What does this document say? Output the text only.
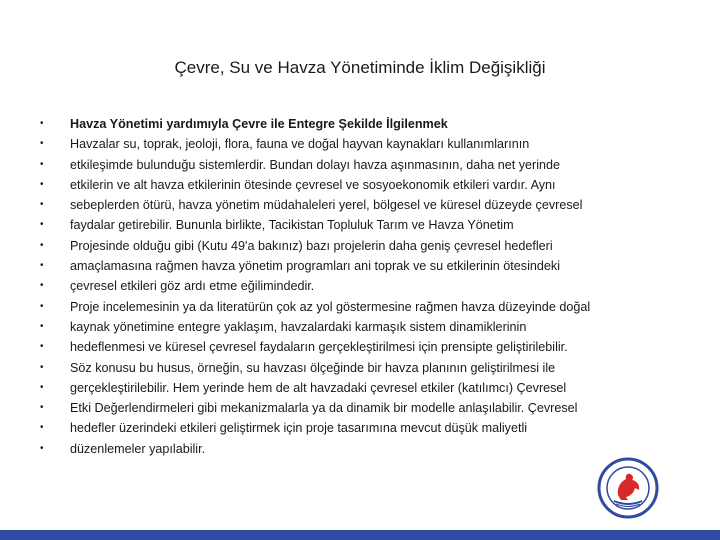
Çevre, Su ve Havza Yönetiminde İklim Değişikliği
•	Havza Yönetimi yardımıyla Çevre ile Entegre Şekilde İlgilenmek
•	Havzalar su, toprak, jeoloji, flora, fauna ve doğal hayvan kaynakları kullanımlarının
•	etkileşimde bulunduğu sistemlerdir. Bundan dolayı havza aşınmasının, daha net yerinde
•	etkilerin ve alt havza etkilerinin ötesinde çevresel ve sosyoekonomik etkileri vardır. Aynı
•	sebeplerden ötürü, havza yönetim müdahaleleri yerel, bölgesel ve küresel düzeyde çevresel
•	faydalar getirebilir. Bununla birlikte, Tacikistan Topluluk Tarım ve Havza Yönetim
•	Projesinde olduğu gibi (Kutu 49'a bakınız) bazı projelerin daha geniş çevresel hedefleri
•	amaçlamasına rağmen havza yönetim programları ani toprak ve su etkilerinin ötesindeki
•	çevresel etkileri göz ardı etme eğilimindedir.
•	Proje incelemesinin ya da literatürün çok az yol göstermesine rağmen havza düzeyinde doğal
•	kaynak yönetimine entegre yaklaşım, havzalardaki karmaşık sistem dinamiklerinin
•	hedeflenmesi ve küresel çevresel faydaların gerçekleştirilmesi için prensipte geliştirilebilir.
•	Söz konusu bu husus, örneğin, su havzası ölçeğinde bir havza planının geliştirilmesi ile
•	gerçekleştirilebilir. Hem yerinde hem de alt havzadaki çevresel etkiler (katılımcı) Çevresel
•	Etki Değerlendirmeleri gibi mekanizmalarla ya da dinamik bir modelle anlaşılabilir. Çevresel
•	hedefler üzerindeki etkileri geliştirmek için proje tasarımına mevcut düşük maliyetli
•	düzenlemeler yapılabilir.
